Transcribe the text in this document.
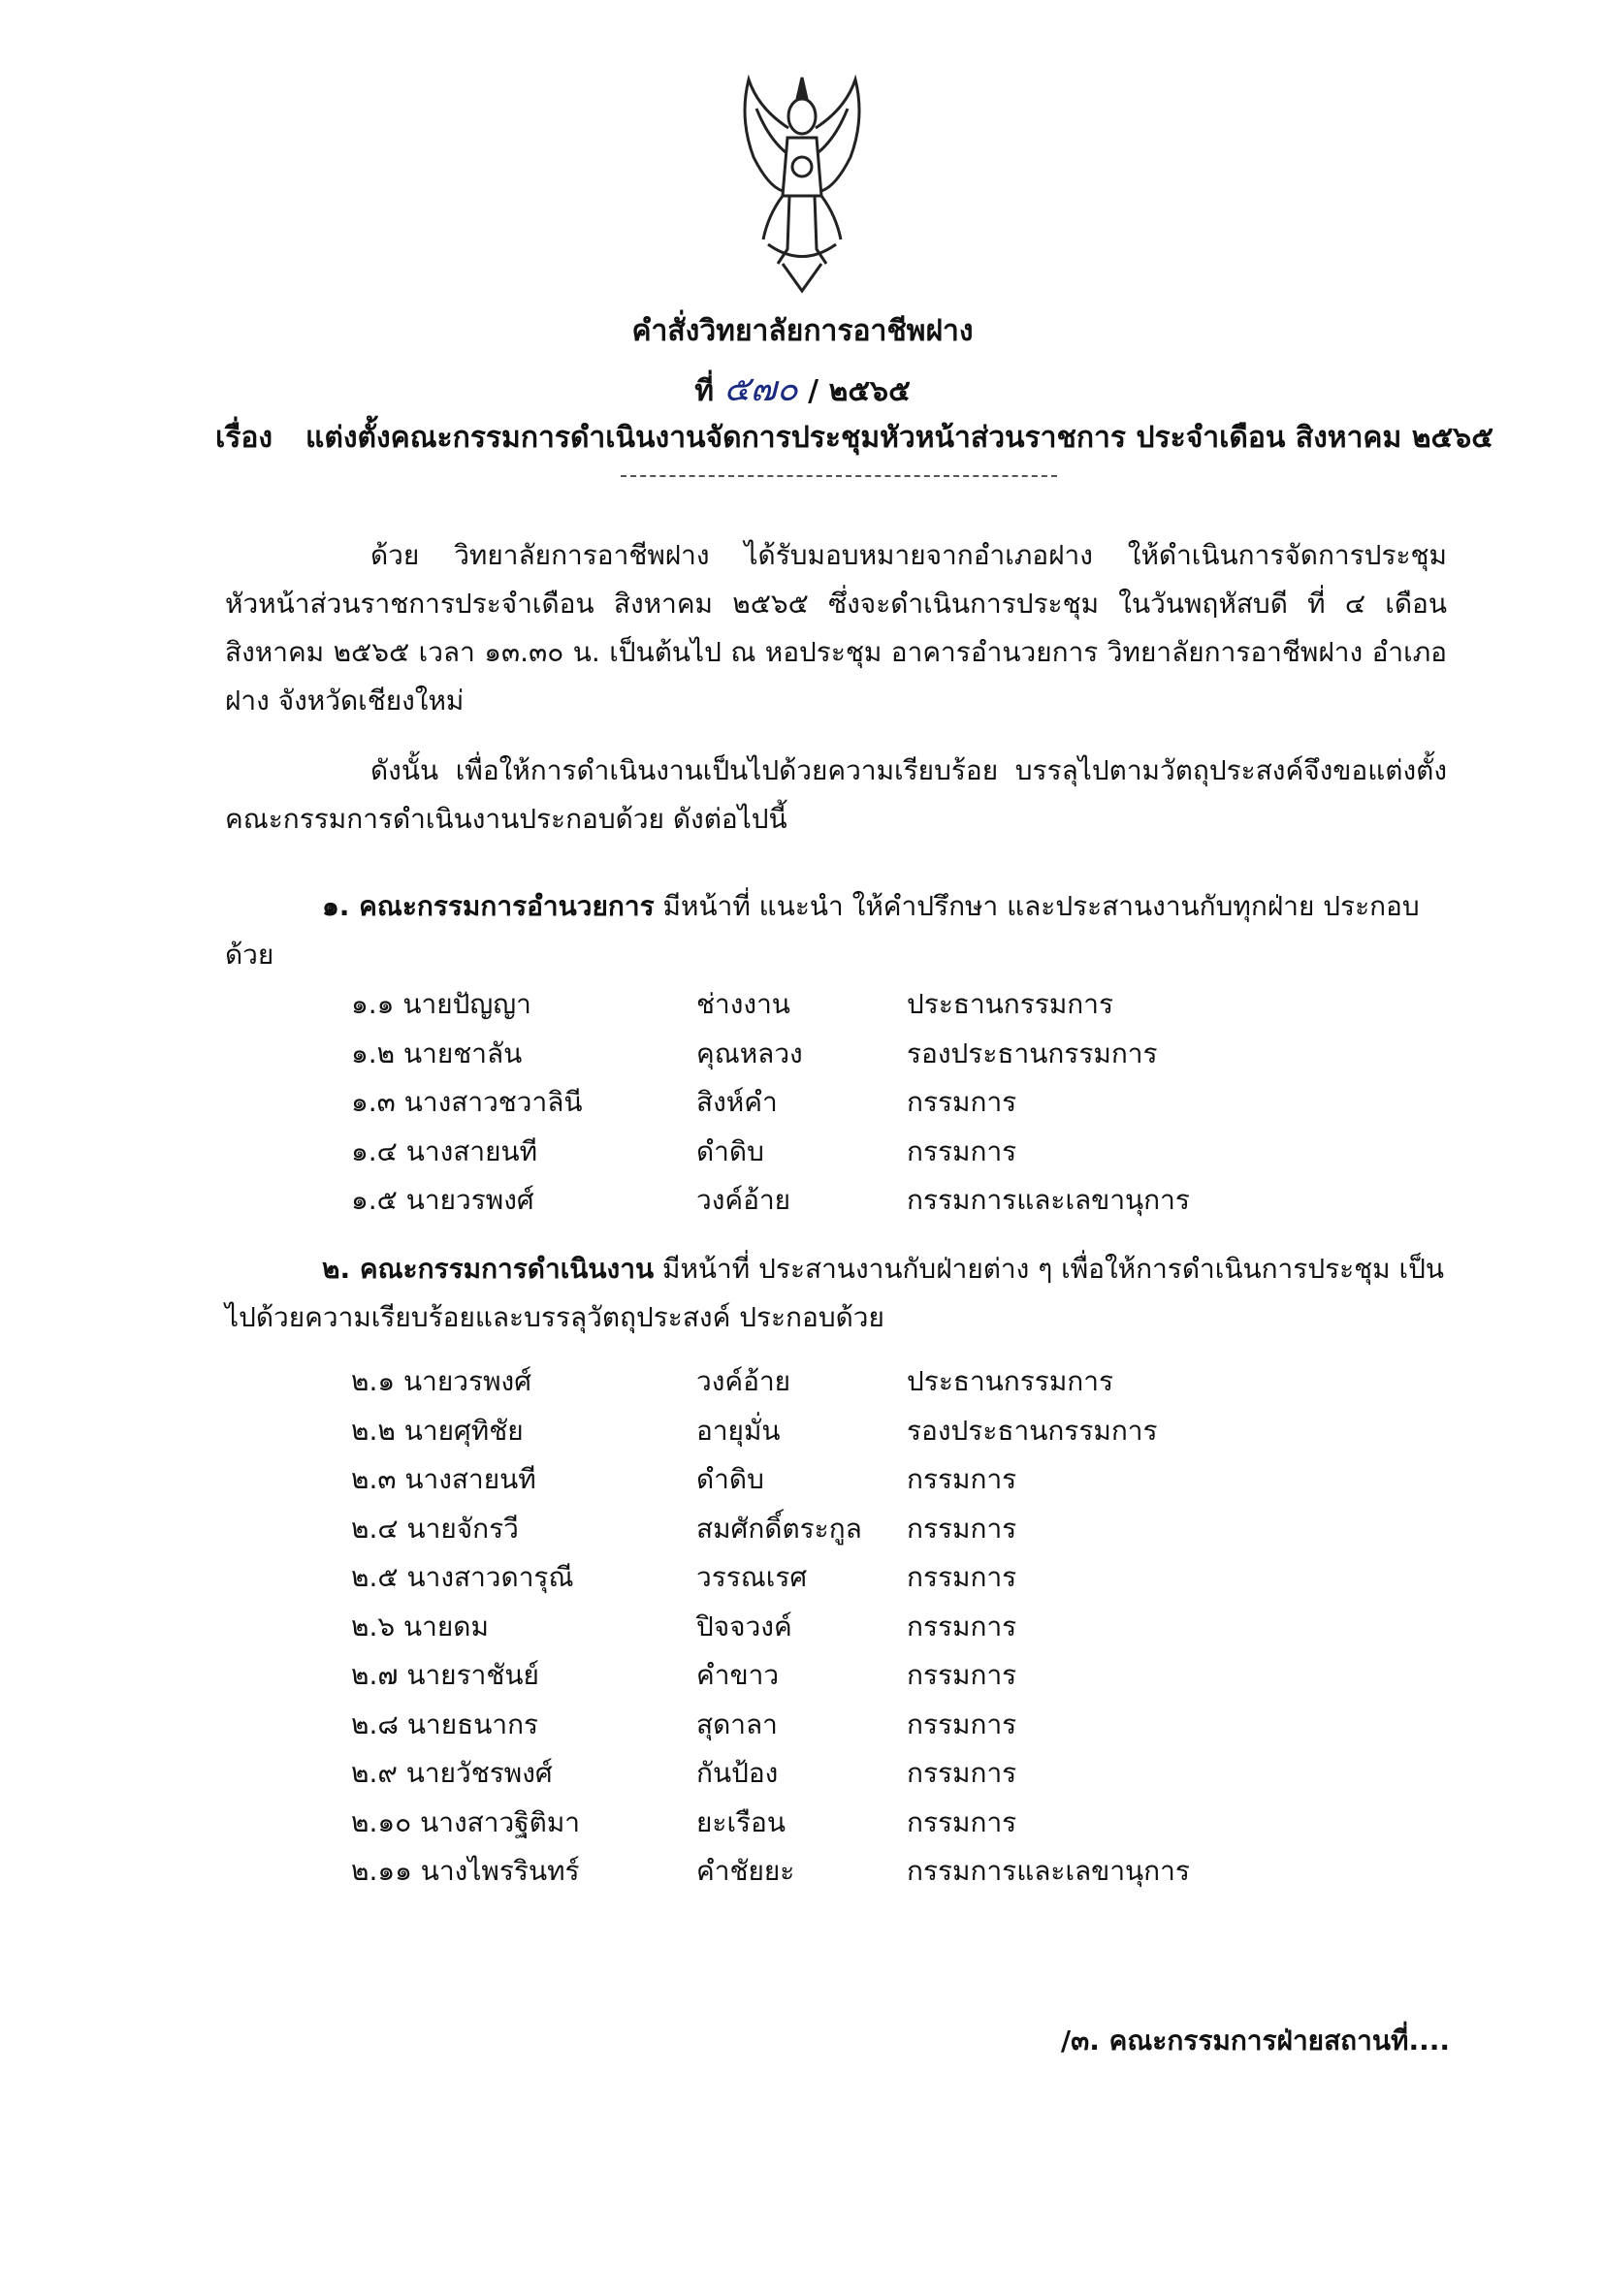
คำสั่งวิทยาลัยการอาชีพฝาง
ที่ ๕๗๐ / ๒๕๖๕
เรื่อง แต่งตั้งคณะกรรมการดำเนินงานจัดการประชุมหัวหน้าส่วนราชการ ประจำเดือน สิงหาคม ๒๕๖๕
ด้วย วิทยาลัยการอาชีพฝาง ได้รับมอบหมายจากอำเภอฝาง ให้ดำเนินการจัดการประชุมหัวหน้าส่วนราชการประจำเดือน สิงหาคม ๒๕๖๕ ซึ่งจะดำเนินการประชุม ในวันพฤหัสบดี ที่ ๔ เดือนสิงหาคม ๒๕๖๕ เวลา ๑๓.๓๐ น. เป็นต้นไป ณ หอประชุม อาคารอำนวยการ วิทยาลัยการอาชีพฝาง อำเภอฝาง จังหวัดเชียงใหม่
ดังนั้น เพื่อให้การดำเนินงานเป็นไปด้วยความเรียบร้อย บรรลุไปตามวัตถุประสงค์จึงขอแต่งตั้งคณะกรรมการดำเนินงานประกอบด้วย ดังต่อไปนี้
๑. คณะกรรมการอำนวยการ มีหน้าที่ แนะนำ ให้คำปรึกษา และประสานงานกับทุกฝ่าย ประกอบด้วย
๑.๑ นายปัญญา	ช่างงาน	ประธานกรรมการ
๑.๒ นายชาลัน	คุณหลวง	รองประธานกรรมการ
๑.๓ นางสาวชวาลินี	สิงห์คำ	กรรมการ
๑.๔ นางสายนที	ดำดิบ	กรรมการ
๑.๕ นายวรพงศ์	วงค์อ้าย	กรรมการและเลขานุการ
๒. คณะกรรมการดำเนินงาน มีหน้าที่ ประสานงานกับฝ่ายต่าง ๆ เพื่อให้การดำเนินการประชุม เป็นไปด้วยความเรียบร้อยและบรรลุวัตถุประสงค์ ประกอบด้วย
๒.๑ นายวรพงศ์	วงค์อ้าย	ประธานกรรมการ
๒.๒ นายศุทิชัย	อายุมั่น	รองประธานกรรมการ
๒.๓ นางสายนที	ดำดิบ	กรรมการ
๒.๔ นายจักรวี	สมศักดิ์ตระกูล กรรมการ
๒.๕ นางสาวดารุณี	วรรณเรศ	กรรมการ
๒.๖ นายดม	ปิจจวงค์	กรรมการ
๒.๗ นายราชันย์	คำขาว	กรรมการ
๒.๘ นายธนากร	สุดาลา	กรรมการ
๒.๙ นายวัชรพงศ์	กันป้อง	กรรมการ
๒.๑๐ นางสาวฐิติมา	ยะเรือน	กรรมการ
๒.๑๑ นางไพรรินทร์	คำชัยยะ	กรรมการและเลขานุการ
/๓. คณะกรรมการฝ่ายสถานที่....
